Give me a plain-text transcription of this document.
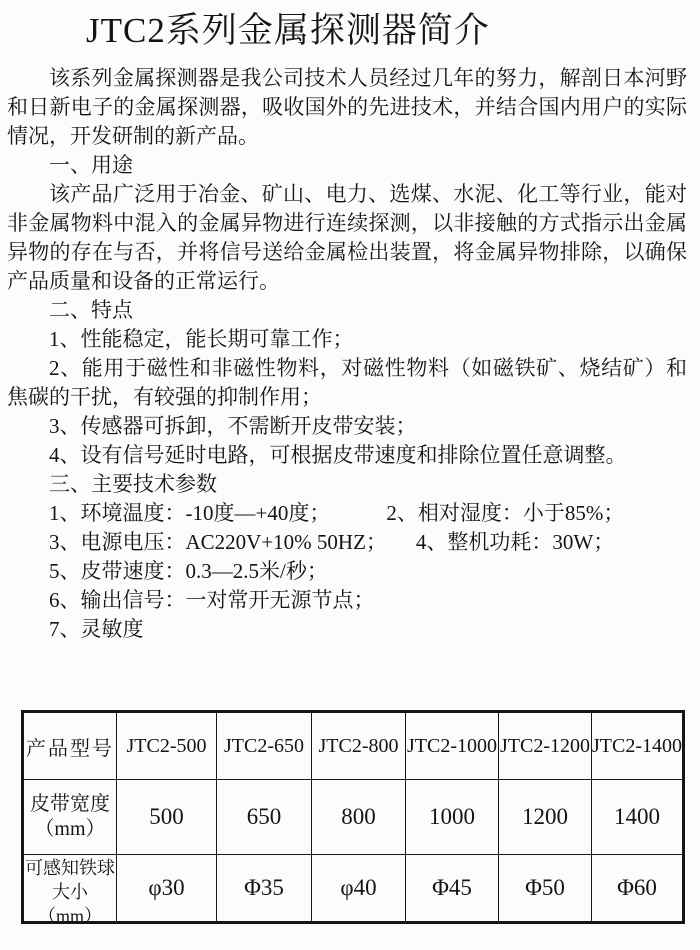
JTC2系列金属探测器简介

该系列金属探测器是我公司技术人员经过几年的努力，解剖日本河野和日新电子的金属探测器，吸收国外的先进技术，并结合国内用户的实际情况，开发研制的新产品。

一、用途

该产品广泛用于冶金、矿山、电力、选煤、水泥、化工等行业，能对非金属物料中混入的金属异物进行连续探测，以非接触的方式指示出金属异物的存在与否，并将信号送给金属检出装置，将金属异物排除，以确保产品质量和设备的正常运行。

二、特点

1、性能稳定，能长期可靠工作；

2、能用于磁性和非磁性物料，对磁性物料（如磁铁矿、烧结矿）和焦碳的干扰，有较强的抑制作用；

3、传感器可拆卸，不需断开皮带安装；

4、设有信号延时电路，可根据皮带速度和排除位置任意调整。

三、主要技术参数
1、环境温度：-10度—+40度；	2、相对湿度：小于85%；
3、电源电压：AC220V+10% 50HZ； 4、整机功耗：30W；
5、皮带速度：0.3—2.5米/秒；
6、输出信号：一对常开无源节点；
7、灵敏度
产品型号	JTC2-500	JTC2-650	JTC2-800	JTC2-1000	JTC2-1200	JTC2-1400

皮带宽度
（mm）	500	650	800	1000	1200	1400

可感知铁球
大小
（mm）	φ30	Φ35	φ40	Φ45	Φ50	Φ60
